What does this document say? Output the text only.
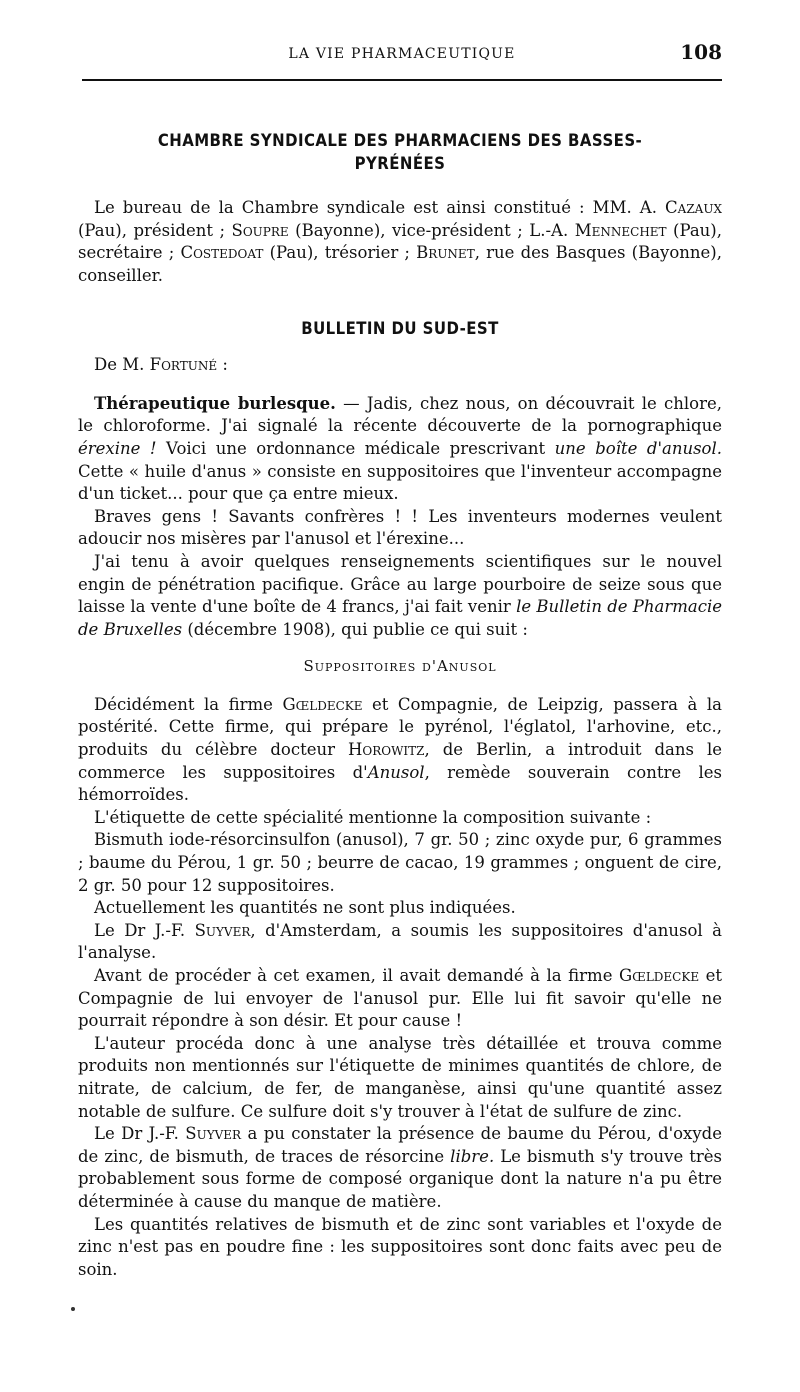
LA VIE PHARMACEUTIQUE	108
CHAMBRE SYNDICALE DES PHARMACIENS DES BASSES-PYRÉNÉES

Le bureau de la Chambre syndicale est ainsi constitué : MM. A. Cazaux (Pau), président ; Soupre (Bayonne), vice-président ; L.-A. Mennechet (Pau), secrétaire ; Costedoat (Pau), trésorier ; Brunet, rue des Basques (Bayonne), conseiller.

BULLETIN DU SUD-EST

De M. Fortuné :

Thérapeutique burlesque. — Jadis, chez nous, on découvrait le chlore, le chloroforme. J'ai signalé la récente découverte de la pornographique érexine ! Voici une ordonnance médicale prescrivant une boîte d'anusol. Cette « huile d'anus » consiste en suppositoires que l'inventeur accompagne d'un ticket... pour que ça entre mieux.

Braves gens ! Savants confrères ! ! Les inventeurs modernes veulent adoucir nos misères par l'anusol et l'érexine...

J'ai tenu à avoir quelques renseignements scientifiques sur le nouvel engin de pénétration pacifique. Grâce au large pourboire de seize sous que laisse la vente d'une boîte de 4 francs, j'ai fait venir le Bulletin de Pharmacie de Bruxelles (décembre 1908), qui publie ce qui suit :

Suppositoires d'Anusol

Décidément la firme Gœldecke et Compagnie, de Leipzig, passera à la postérité. Cette firme, qui prépare le pyrénol, l'églatol, l'arhovine, etc., produits du célèbre docteur Horowitz, de Berlin, a introduit dans le commerce les suppositoires d'Anusol, remède souverain contre les hémorroïdes.

L'étiquette de cette spécialité mentionne la composition suivante :

Bismuth iode-résorcinsulfon (anusol), 7 gr. 50 ; zinc oxyde pur, 6 grammes ; baume du Pérou, 1 gr. 50 ; beurre de cacao, 19 grammes ; onguent de cire, 2 gr. 50 pour 12 suppositoires.

Actuellement les quantités ne sont plus indiquées.

Le Dr J.-F. Suyver, d'Amsterdam, a soumis les suppositoires d'anusol à l'analyse.

Avant de procéder à cet examen, il avait demandé à la firme Gœldecke et Compagnie de lui envoyer de l'anusol pur. Elle lui fit savoir qu'elle ne pourrait répondre à son désir. Et pour cause !

L'auteur procéda donc à une analyse très détaillée et trouva comme produits non mentionnés sur l'étiquette de minimes quantités de chlore, de nitrate, de calcium, de fer, de manganèse, ainsi qu'une quantité assez notable de sulfure. Ce sulfure doit s'y trouver à l'état de sulfure de zinc.

Le Dr J.-F. Suyver a pu constater la présence de baume du Pérou, d'oxyde de zinc, de bismuth, de traces de résorcine libre. Le bismuth s'y trouve très probablement sous forme de composé organique dont la nature n'a pu être déterminée à cause du manque de matière.

Les quantités relatives de bismuth et de zinc sont variables et l'oxyde de zinc n'est pas en poudre fine : les suppositoires sont donc faits avec peu de soin.
